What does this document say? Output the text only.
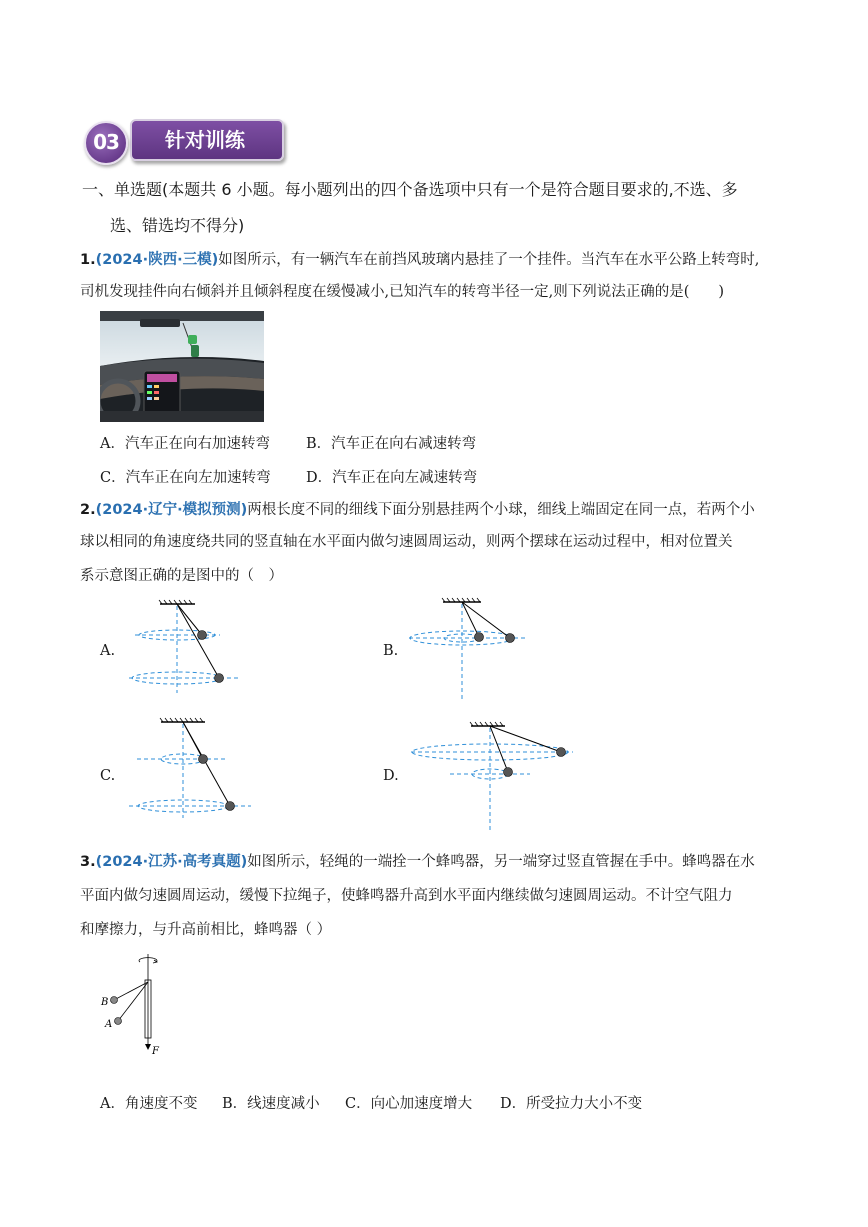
针对训练
03
一、单选题(本题共 6 小题。每小题列出的四个备选项中只有一个是符合题目要求的,不选、多
选、错选均不得分)
1.(2024·陕西·三模)如图所示，有一辆汽车在前挡风玻璃内悬挂了一个挂件。当汽车在水平公路上转弯时,
司机发现挂件向右倾斜并且倾斜程度在缓慢减小,已知汽车的转弯半径一定,则下列说法正确的是(　　)
A．汽车正在向右加速转弯 B．汽车正在向右减速转弯
C．汽车正在向左加速转弯 D．汽车正在向左减速转弯
2.(2024·辽宁·模拟预测)两根长度不同的细线下面分别悬挂两个小球，细线上端固定在同一点，若两个小
球以相同的角速度绕共同的竖直轴在水平面内做匀速圆周运动，则两个摆球在运动过程中，相对位置关
系示意图正确的是图中的（　）
A.	B.
C.	D.
3.(2024·江苏·高考真题)如图所示，轻绳的一端拴一个蜂鸣器，另一端穿过竖直管握在手中。蜂鸣器在水
平面内做匀速圆周运动，缓慢下拉绳子，使蜂鸣器升高到水平面内继续做匀速圆周运动。不计空气阻力
和摩擦力，与升高前相比，蜂鸣器（ ）
B
A
F
A．角速度不变 B．线速度减小 C．向心加速度增大 D．所受拉力大小不变
